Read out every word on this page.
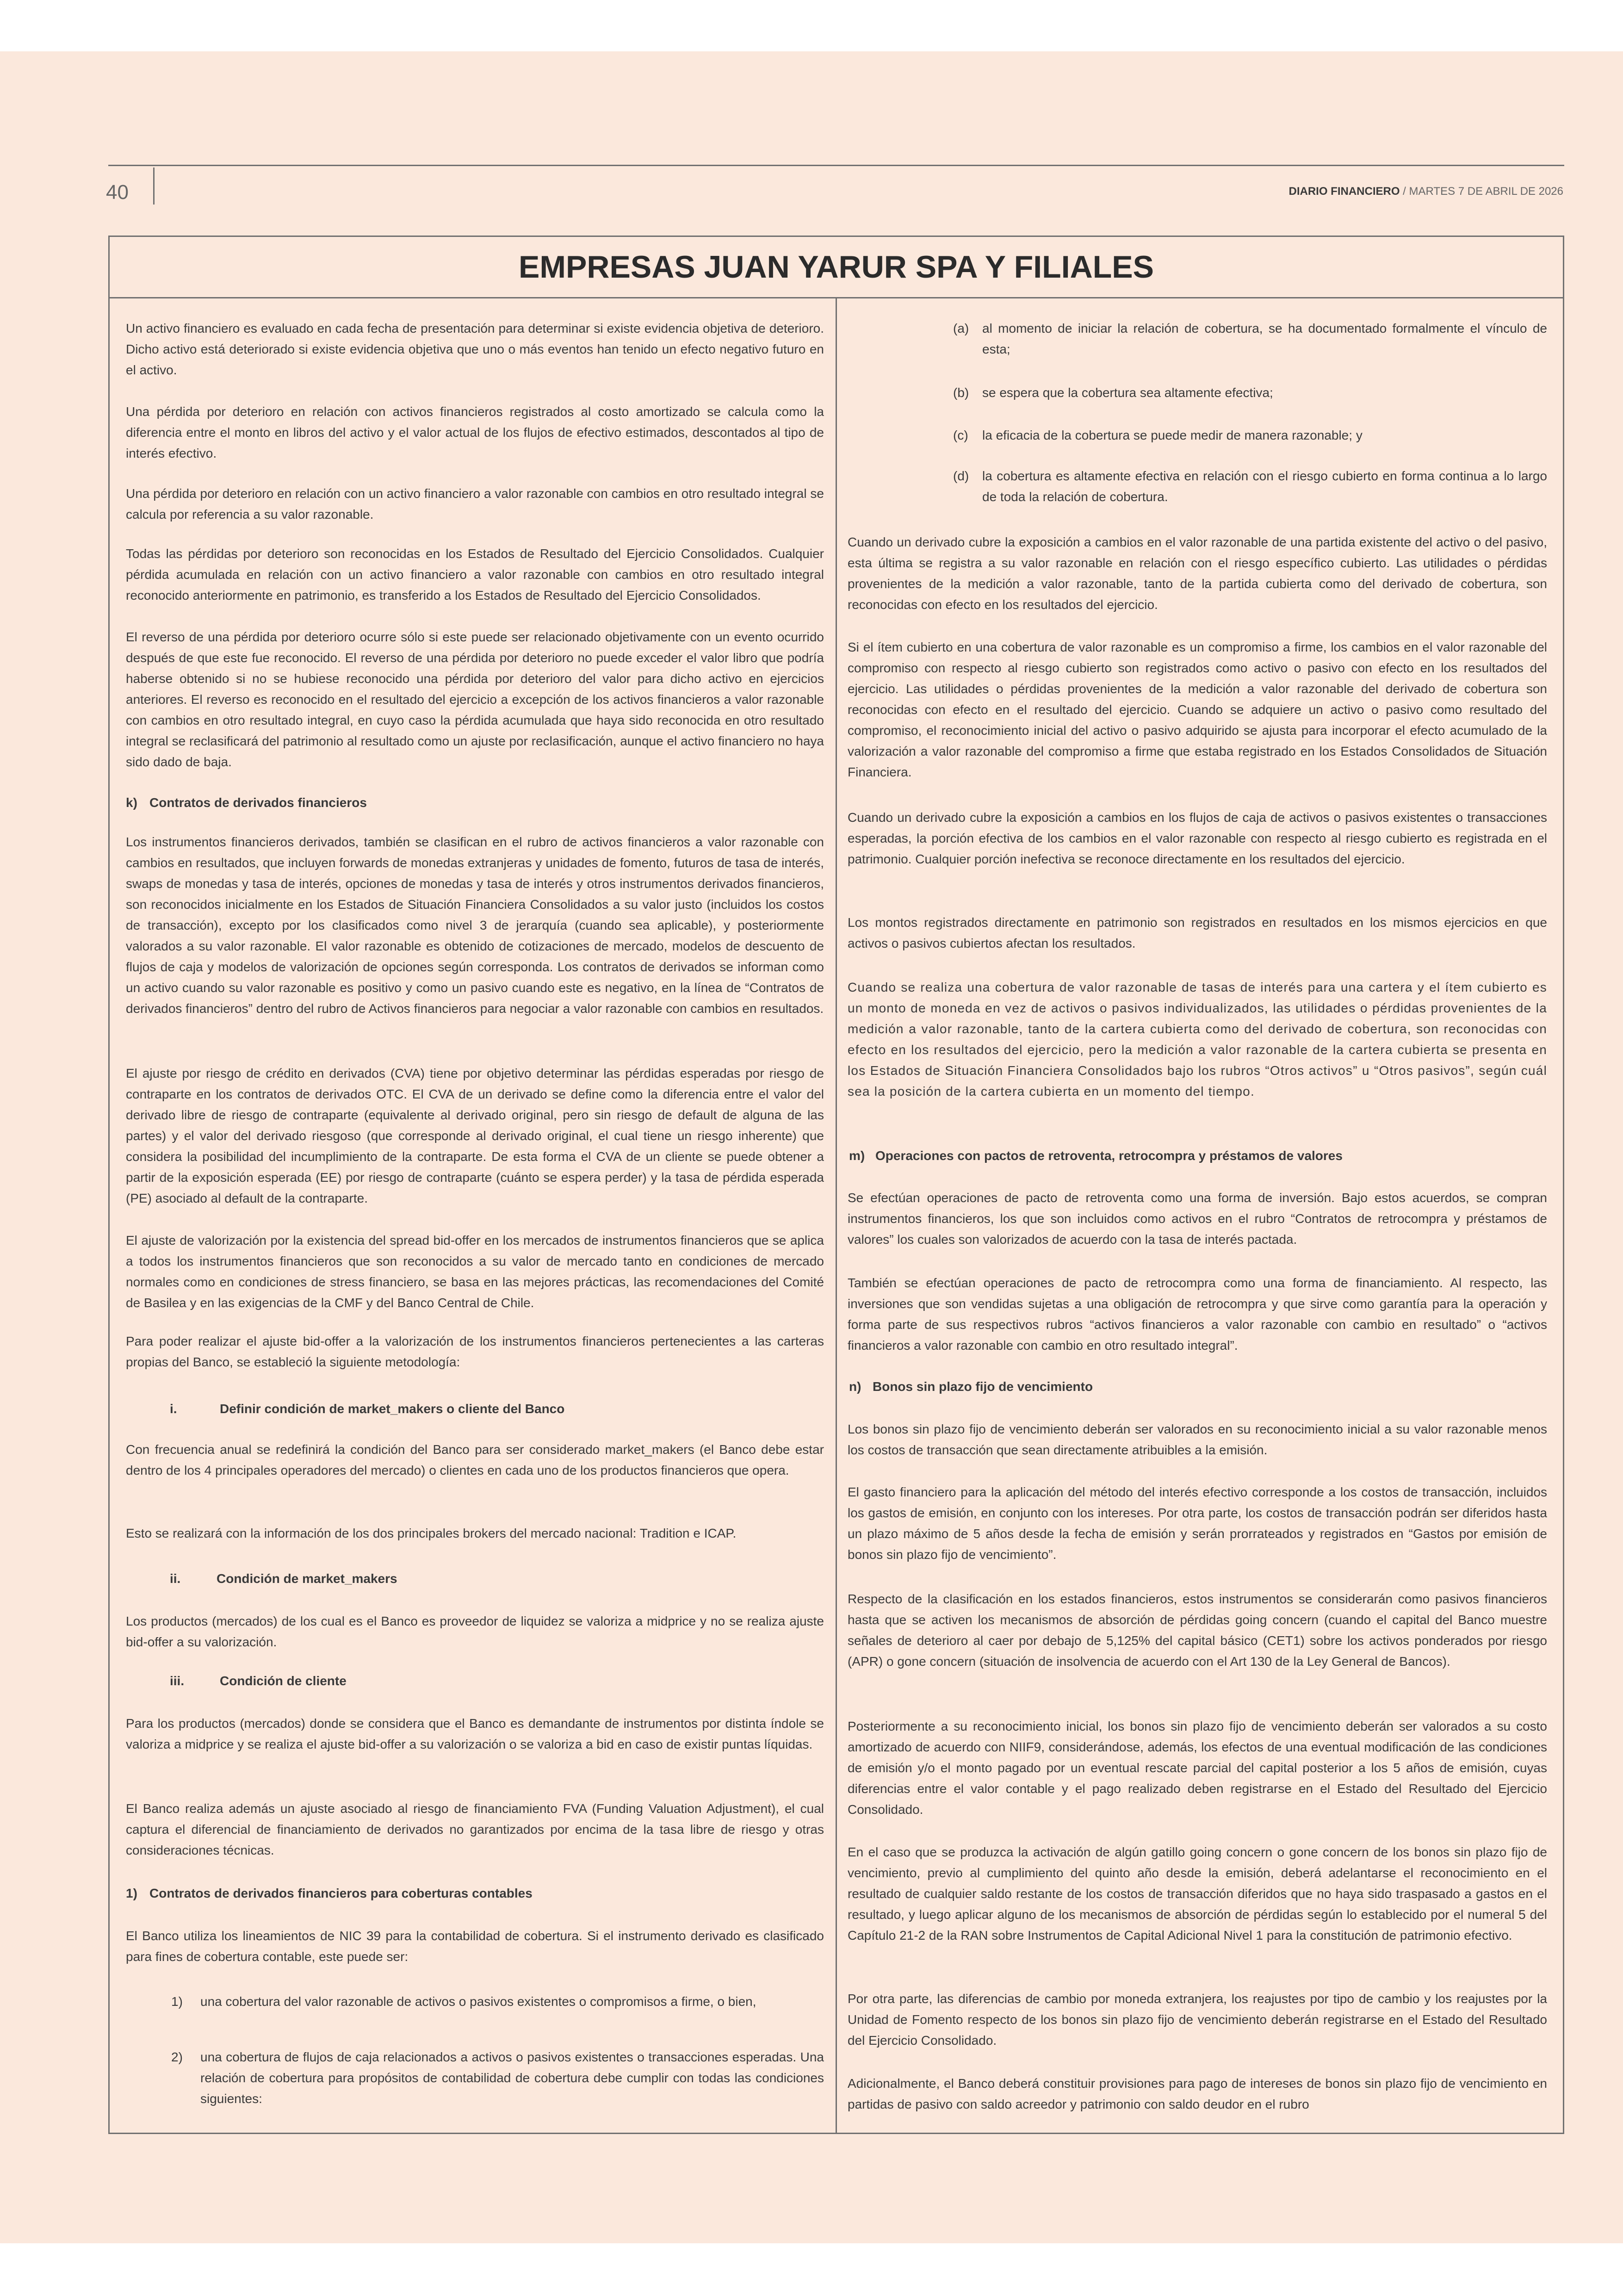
40	DIARIO FINANCIERO / MARTES 7 DE ABRIL DE 2026
EMPRESAS JUAN YARUR SPA Y FILIALES

Un activo financiero es evaluado en cada fecha de presentación para determinar si existe evidencia objetiva de deterioro. Dicho activo está deteriorado si existe evidencia objetiva que uno o más eventos han tenido un efecto negativo futuro en el activo.

Una pérdida por deterioro en relación con activos financieros registrados al costo amortizado se calcula como la diferencia entre el monto en libros del activo y el valor actual de los flujos de efectivo estimados, descontados al tipo de interés efectivo.

Una pérdida por deterioro en relación con un activo financiero a valor razonable con cambios en otro resultado integral se calcula por referencia a su valor razonable.

Todas las pérdidas por deterioro son reconocidas en los Estados de Resultado del Ejercicio Consolidados. Cualquier pérdida acumulada en relación con un activo financiero a valor razonable con cambios en otro resultado integral reconocido anteriormente en patrimonio, es transferido a los Estados de Resultado del Ejercicio Consolidados.

El reverso de una pérdida por deterioro ocurre sólo si este puede ser relacionado objetivamente con un evento ocurrido después de que este fue reconocido. El reverso de una pérdida por deterioro no puede exceder el valor libro que podría haberse obtenido si no se hubiese reconocido una pérdida por deterioro del valor para dicho activo en ejercicios anteriores. El reverso es reconocido en el resultado del ejercicio a excepción de los activos financieros a valor razonable con cambios en otro resultado integral, en cuyo caso la pérdida acumulada que haya sido reconocida en otro resultado integral se reclasificará del patrimonio al resultado como un ajuste por reclasificación, aunque el activo financiero no haya sido dado de baja.

k) Contratos de derivados financieros

Los instrumentos financieros derivados, también se clasifican en el rubro de activos financieros a valor razonable con cambios en resultados, que incluyen forwards de monedas extranjeras y unidades de fomento, futuros de tasa de interés, swaps de monedas y tasa de interés, opciones de monedas y tasa de interés y otros instrumentos derivados financieros, son reconocidos inicialmente en los Estados de Situación Financiera Consolidados a su valor justo (incluidos los costos de transacción), excepto por los clasificados como nivel 3 de jerarquía (cuando sea aplicable), y posteriormente valorados a su valor razonable. El valor razonable es obtenido de cotizaciones de mercado, modelos de descuento de flujos de caja y modelos de valorización de opciones según corresponda. Los contratos de derivados se informan como un activo cuando su valor razonable es positivo y como un pasivo cuando este es negativo, en la línea de “Contratos de derivados financieros” dentro del rubro de Activos financieros para negociar a valor razonable con cambios en resultados.

El ajuste por riesgo de crédito en derivados (CVA) tiene por objetivo determinar las pérdidas esperadas por riesgo de contraparte en los contratos de derivados OTC. El CVA de un derivado se define como la diferencia entre el valor del derivado libre de riesgo de contraparte (equivalente al derivado original, pero sin riesgo de default de alguna de las partes) y el valor del derivado riesgoso (que corresponde al derivado original, el cual tiene un riesgo inherente) que considera la posibilidad del incumplimiento de la contraparte. De esta forma el CVA de un cliente se puede obtener a partir de la exposición esperada (EE) por riesgo de contraparte (cuánto se espera perder) y la tasa de pérdida esperada (PE) asociado al default de la contraparte.

El ajuste de valorización por la existencia del spread bid-offer en los mercados de instrumentos financieros que se aplica a todos los instrumentos financieros que son reconocidos a su valor de mercado tanto en condiciones de mercado normales como en condiciones de stress financiero, se basa en las mejores prácticas, las recomendaciones del Comité de Basilea y en las exigencias de la CMF y del Banco Central de Chile.

Para poder realizar el ajuste bid-offer a la valorización de los instrumentos financieros pertenecientes a las carteras propias del Banco, se estableció la siguiente metodología:

i.	Definir condición de market_makers o cliente del Banco

Con frecuencia anual se redefinirá la condición del Banco para ser considerado market_makers (el Banco debe estar dentro de los 4 principales operadores del mercado) o clientes en cada uno de los productos financieros que opera.

Esto se realizará con la información de los dos principales brokers del mercado nacional: Tradition e ICAP.

ii.	Condición de market_makers

Los productos (mercados) de los cual es el Banco es proveedor de liquidez se valoriza a midprice y no se realiza ajuste bid-offer a su valorización.

iii.	Condición de cliente

Para los productos (mercados) donde se considera que el Banco es demandante de instrumentos por distinta índole se valoriza a midprice y se realiza el ajuste bid-offer a su valorización o se valoriza a bid en caso de existir puntas líquidas.

El Banco realiza además un ajuste asociado al riesgo de financiamiento FVA (Funding Valuation Adjustment), el cual captura el diferencial de financiamiento de derivados no garantizados por encima de la tasa libre de riesgo y otras consideraciones técnicas.

1) Contratos de derivados financieros para coberturas contables

El Banco utiliza los lineamientos de NIC 39 para la contabilidad de cobertura. Si el instrumento derivado es clasificado para fines de cobertura contable, este puede ser:

1)	una cobertura del valor razonable de activos o pasivos existentes o compromisos a firme, o bien,
2)	una cobertura de flujos de caja relacionados a activos o pasivos existentes o transacciones esperadas. Una relación de cobertura para propósitos de contabilidad de cobertura debe cumplir con todas las condiciones siguientes:
(a)	al momento de iniciar la relación de cobertura, se ha documentado formalmente el vínculo de esta;
(b)	se espera que la cobertura sea altamente efectiva;
(c)	la eficacia de la cobertura se puede medir de manera razonable; y
(d)	la cobertura es altamente efectiva en relación con el riesgo cubierto en forma continua a lo largo de toda la relación de cobertura.

Cuando un derivado cubre la exposición a cambios en el valor razonable de una partida existente del activo o del pasivo, esta última se registra a su valor razonable en relación con el riesgo específico cubierto. Las utilidades o pérdidas provenientes de la medición a valor razonable, tanto de la partida cubierta como del derivado de cobertura, son reconocidas con efecto en los resultados del ejercicio.

Si el ítem cubierto en una cobertura de valor razonable es un compromiso a firme, los cambios en el valor razonable del compromiso con respecto al riesgo cubierto son registrados como activo o pasivo con efecto en los resultados del ejercicio. Las utilidades o pérdidas provenientes de la medición a valor razonable del derivado de cobertura son reconocidas con efecto en el resultado del ejercicio. Cuando se adquiere un activo o pasivo como resultado del compromiso, el reconocimiento inicial del activo o pasivo adquirido se ajusta para incorporar el efecto acumulado de la valorización a valor razonable del compromiso a firme que estaba registrado en los Estados Consolidados de Situación Financiera.

Cuando un derivado cubre la exposición a cambios en los flujos de caja de activos o pasivos existentes o transacciones esperadas, la porción efectiva de los cambios en el valor razonable con respecto al riesgo cubierto es registrada en el patrimonio. Cualquier porción inefectiva se reconoce directamente en los resultados del ejercicio.

Los montos registrados directamente en patrimonio son registrados en resultados en los mismos ejercicios en que activos o pasivos cubiertos afectan los resultados.

Cuando se realiza una cobertura de valor razonable de tasas de interés para una cartera y el ítem cubierto es un monto de moneda en vez de activos o pasivos individualizados, las utilidades o pérdidas provenientes de la medición a valor razonable, tanto de la cartera cubierta como del derivado de cobertura, son reconocidas con efecto en los resultados del ejercicio, pero la medición a valor razonable de la cartera cubierta se presenta en los Estados de Situación Financiera Consolidados bajo los rubros “Otros activos” u “Otros pasivos”, según cuál sea la posición de la cartera cubierta en un momento del tiempo.

m) Operaciones con pactos de retroventa, retrocompra y préstamos de valores

Se efectúan operaciones de pacto de retroventa como una forma de inversión. Bajo estos acuerdos, se compran instrumentos financieros, los que son incluidos como activos en el rubro “Contratos de retrocompra y préstamos de valores” los cuales son valorizados de acuerdo con la tasa de interés pactada.

También se efectúan operaciones de pacto de retrocompra como una forma de financiamiento. Al respecto, las inversiones que son vendidas sujetas a una obligación de retrocompra y que sirve como garantía para la operación y forma parte de sus respectivos rubros “activos financieros a valor razonable con cambio en resultado” o “activos financieros a valor razonable con cambio en otro resultado integral”.

n) Bonos sin plazo fijo de vencimiento

Los bonos sin plazo fijo de vencimiento deberán ser valorados en su reconocimiento inicial a su valor razonable menos los costos de transacción que sean directamente atribuibles a la emisión.

El gasto financiero para la aplicación del método del interés efectivo corresponde a los costos de transacción, incluidos los gastos de emisión, en conjunto con los intereses. Por otra parte, los costos de transacción podrán ser diferidos hasta un plazo máximo de 5 años desde la fecha de emisión y serán prorrateados y registrados en “Gastos por emisión de bonos sin plazo fijo de vencimiento”.

Respecto de la clasificación en los estados financieros, estos instrumentos se considerarán como pasivos financieros hasta que se activen los mecanismos de absorción de pérdidas going concern (cuando el capital del Banco muestre señales de deterioro al caer por debajo de 5,125% del capital básico (CET1) sobre los activos ponderados por riesgo (APR) o gone concern (situación de insolvencia de acuerdo con el Art 130 de la Ley General de Bancos).

Posteriormente a su reconocimiento inicial, los bonos sin plazo fijo de vencimiento deberán ser valorados a su costo amortizado de acuerdo con NIIF9, considerándose, además, los efectos de una eventual modificación de las condiciones de emisión y/o el monto pagado por un eventual rescate parcial del capital posterior a los 5 años de emisión, cuyas diferencias entre el valor contable y el pago realizado deben registrarse en el Estado del Resultado del Ejercicio Consolidado.

En el caso que se produzca la activación de algún gatillo going concern o gone concern de los bonos sin plazo fijo de vencimiento, previo al cumplimiento del quinto año desde la emisión, deberá adelantarse el reconocimiento en el resultado de cualquier saldo restante de los costos de transacción diferidos que no haya sido traspasado a gastos en el resultado, y luego aplicar alguno de los mecanismos de absorción de pérdidas según lo establecido por el numeral 5 del Capítulo 21-2 de la RAN sobre Instrumentos de Capital Adicional Nivel 1 para la constitución de patrimonio efectivo.

Por otra parte, las diferencias de cambio por moneda extranjera, los reajustes por tipo de cambio y los reajustes por la Unidad de Fomento respecto de los bonos sin plazo fijo de vencimiento deberán registrarse en el Estado del Resultado del Ejercicio Consolidado.

Adicionalmente, el Banco deberá constituir provisiones para pago de intereses de bonos sin plazo fijo de vencimiento en partidas de pasivo con saldo acreedor y patrimonio con saldo deudor en el rubro
